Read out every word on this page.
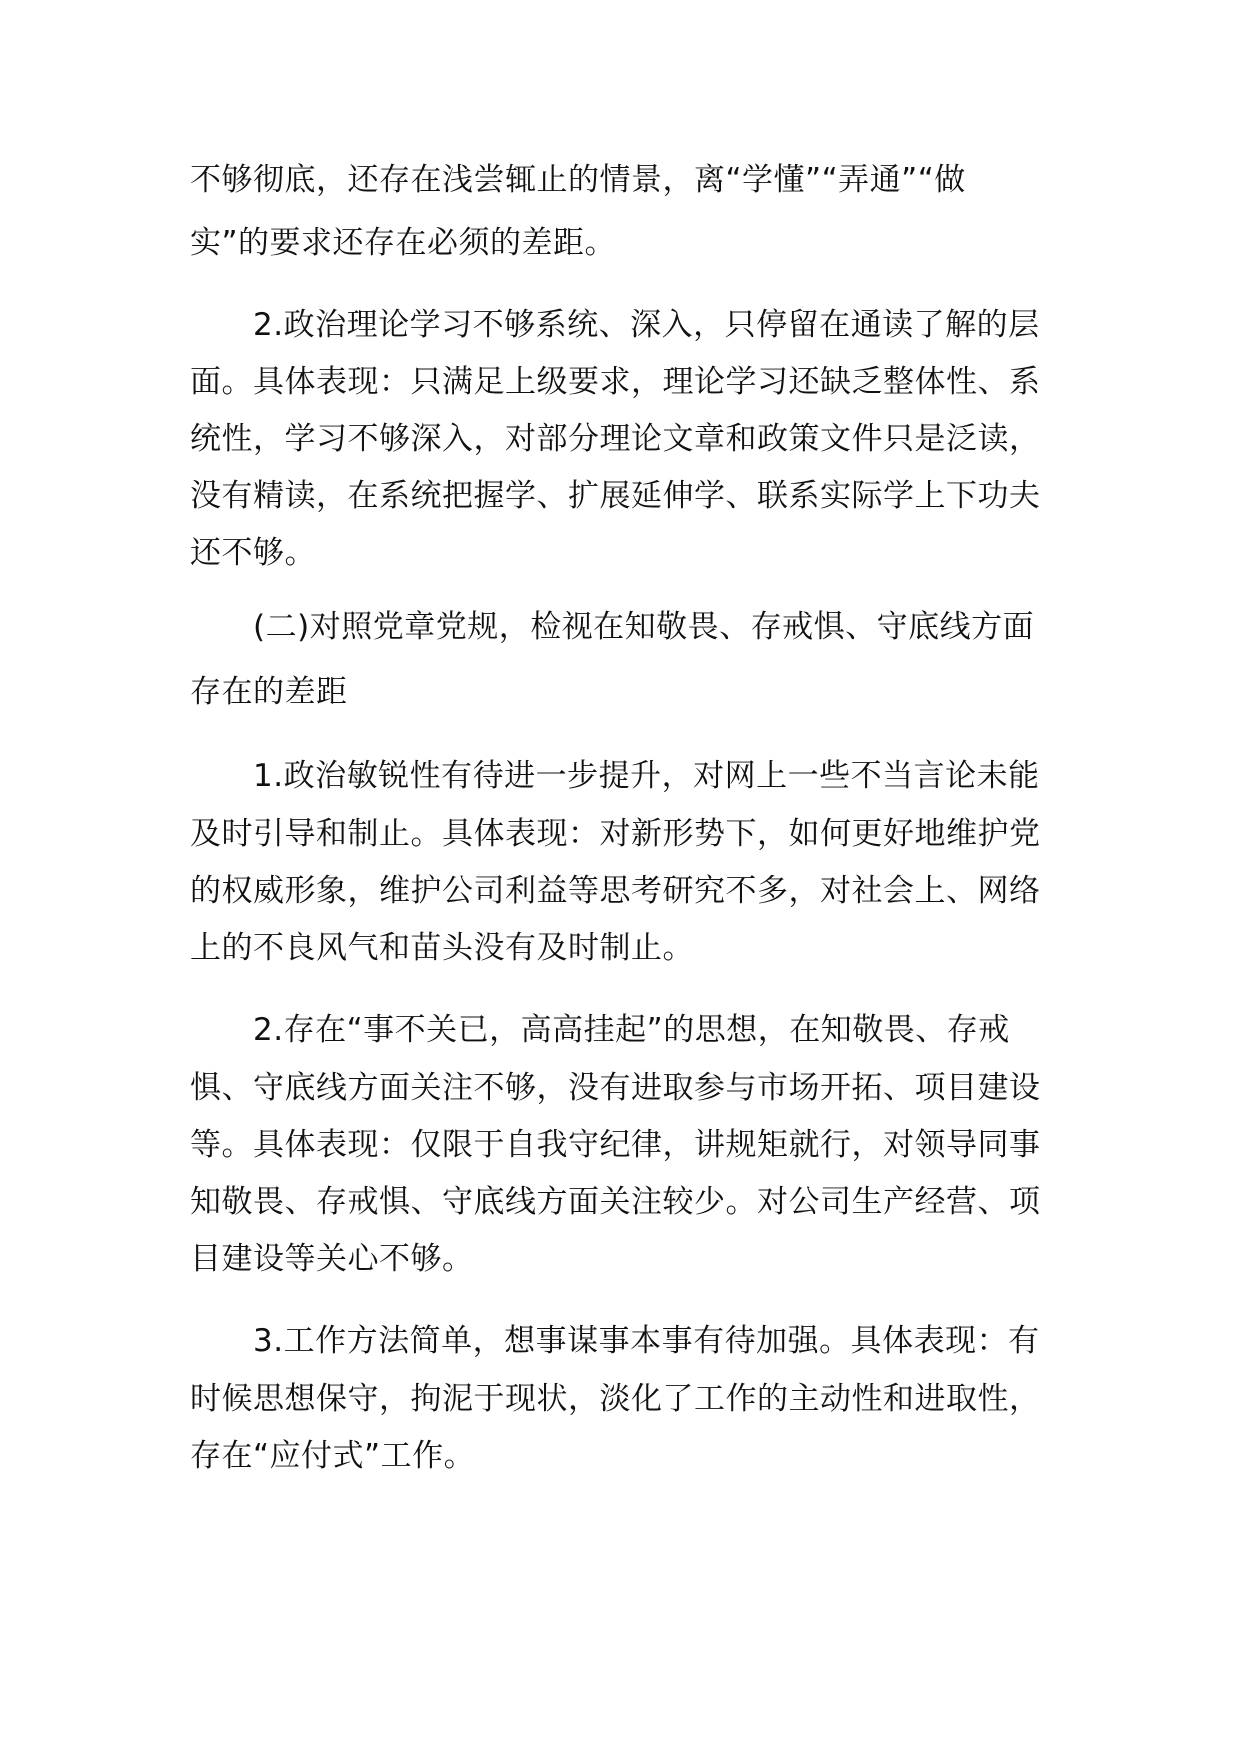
不够彻底，还存在浅尝辄止的情景，离“学懂”“弄通”“做
实”的要求还存在必须的差距。
2.政治理论学习不够系统、深入，只停留在通读了解的层
面。具体表现：只满足上级要求，理论学习还缺乏整体性、系
统性，学习不够深入，对部分理论文章和政策文件只是泛读，
没有精读，在系统把握学、扩展延伸学、联系实际学上下功夫
还不够。
(二)对照党章党规，检视在知敬畏、存戒惧、守底线方面
存在的差距
1.政治敏锐性有待进一步提升，对网上一些不当言论未能
及时引导和制止。具体表现：对新形势下，如何更好地维护党
的权威形象，维护公司利益等思考研究不多，对社会上、网络
上的不良风气和苗头没有及时制止。
2.存在“事不关已，高高挂起”的思想，在知敬畏、存戒
惧、守底线方面关注不够，没有进取参与市场开拓、项目建设
等。具体表现：仅限于自我守纪律，讲规矩就行，对领导同事
知敬畏、存戒惧、守底线方面关注较少。对公司生产经营、项
目建设等关心不够。
3.工作方法简单，想事谋事本事有待加强。具体表现：有
时候思想保守，拘泥于现状，淡化了工作的主动性和进取性，
存在“应付式”工作。
